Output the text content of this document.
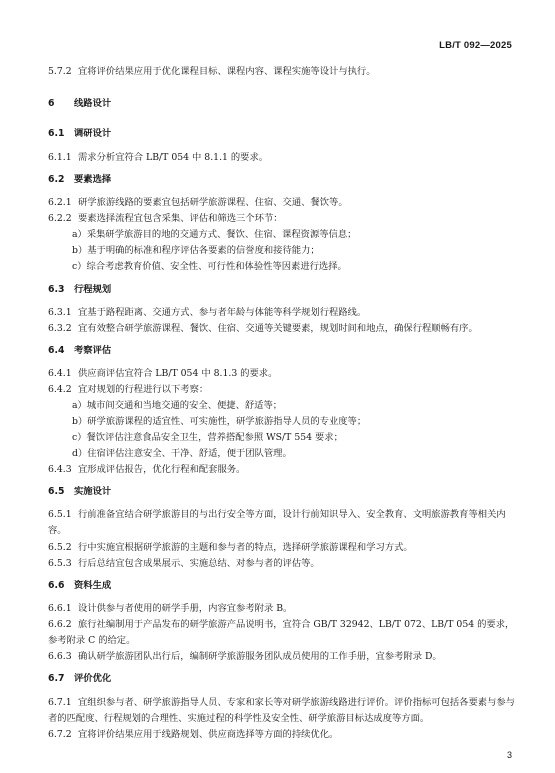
LB/T 092—2025
5.7.2 宜将评价结果应用于优化课程目标、课程内容、课程实施等设计与执行。
6 线路设计
6.1 调研设计
6.1.1 需求分析宜符合 LB/T 054 中 8.1.1 的要求。
6.2 要素选择
6.2.1 研学旅游线路的要素宜包括研学旅游课程、住宿、交通、餐饮等。
6.2.2 要素选择流程宜包含采集、评估和筛选三个环节：
a）采集研学旅游目的地的交通方式、餐饮、住宿、课程资源等信息；
b）基于明确的标准和程序评估各要素的信誉度和接待能力；
c）综合考虑教育价值、安全性、可行性和体验性等因素进行选择。
6.3 行程规划
6.3.1 宜基于路程距离、交通方式、参与者年龄与体能等科学规划行程路线。
6.3.2 宜有效整合研学旅游课程、餐饮、住宿、交通等关键要素，规划时间和地点，确保行程顺畅有序。
6.4 考察评估
6.4.1 供应商评估宜符合 LB/T 054 中 8.1.3 的要求。
6.4.2 宜对规划的行程进行以下考察：
a）城市间交通和当地交通的安全、便捷、舒适等；
b）研学旅游课程的适宜性、可实施性，研学旅游指导人员的专业度等；
c）餐饮评估注意食品安全卫生，营养搭配参照 WS/T 554 要求；
d）住宿评估注意安全、干净、舒适，便于团队管理。
6.4.3 宜形成评估报告，优化行程和配套服务。
6.5 实施设计
6.5.1 行前准备宜结合研学旅游目的与出行安全等方面，设计行前知识导入、安全教育、文明旅游教育等相关内容。
6.5.2 行中实施宜根据研学旅游的主题和参与者的特点，选择研学旅游课程和学习方式。
6.5.3 行后总结宜包含成果展示、实施总结、对参与者的评估等。
6.6 资料生成
6.6.1 设计供参与者使用的研学手册，内容宜参考附录 B。
6.6.2 旅行社编制用于产品发布的研学旅游产品说明书，宜符合 GB/T 32942、LB/T 072、LB/T 054 的要求，参考附录 C 的给定。
6.6.3 确认研学旅游团队出行后，编制研学旅游服务团队成员使用的工作手册，宜参考附录 D。
6.7 评价优化
6.7.1 宜组织参与者、研学旅游指导人员、专家和家长等对研学旅游线路进行评价。评价指标可包括各要素与参与者的匹配度、行程规划的合理性、实施过程的科学性及安全性、研学旅游目标达成度等方面。
6.7.2 宜将评价结果应用于线路规划、供应商选择等方面的持续优化。
3
